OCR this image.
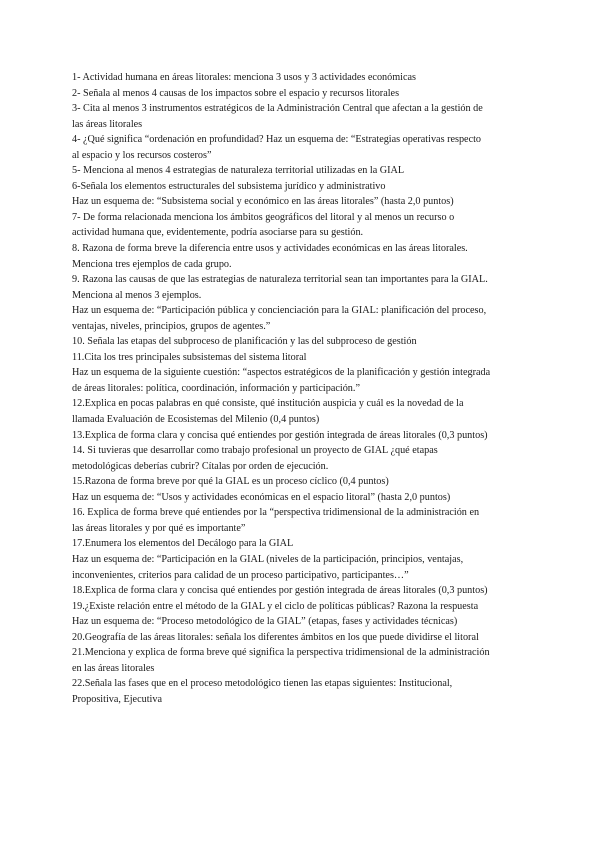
1- Actividad humana en áreas litorales: menciona 3 usos y 3 actividades económicas
2- Señala al menos 4 causas de los impactos sobre el espacio y recursos litorales
3- Cita al menos 3 instrumentos estratégicos de la Administración Central que afectan a la gestión de
las áreas litorales
4- ¿Qué significa “ordenación en profundidad? Haz un esquema de: “Estrategias operativas respecto
al espacio y los recursos costeros”
5- Menciona al menos 4 estrategias de naturaleza territorial utilizadas en la GIAL
6-Señala los elementos estructurales del subsistema jurídico y administrativo
Haz un esquema de: “Subsistema social y económico en las áreas litorales” (hasta 2,0 puntos)
7- De forma relacionada menciona los ámbitos geográficos del litoral y al menos un recurso o
actividad humana que, evidentemente, podría asociarse para su gestión.
8. Razona de forma breve la diferencia entre usos y actividades económicas en las áreas litorales.
Menciona tres ejemplos de cada grupo.
9. Razona las causas de que las estrategias de naturaleza territorial sean tan importantes para la GIAL.
Menciona al menos 3 ejemplos.
Haz un esquema de: “Participación pública y concienciación para la GIAL: planificación del proceso,
ventajas, niveles, principios, grupos de agentes.”
10. Señala las etapas del subproceso de planificación y las del subproceso de gestión
11.Cita los tres principales subsistemas del sistema litoral
Haz un esquema de la siguiente cuestión: “aspectos estratégicos de la planificación y gestión integrada
de áreas litorales: política, coordinación, información y participación.”
12.Explica en pocas palabras en qué consiste, qué institución auspicia y cuál es la novedad de la
llamada Evaluación de Ecosistemas del Milenio (0,4 puntos)
13.Explica de forma clara y concisa qué entiendes por gestión integrada de áreas litorales (0,3 puntos)
14. Si tuvieras que desarrollar como trabajo profesional un proyecto de GIAL ¿qué etapas
metodológicas deberías cubrir? Cítalas por orden de ejecución.
15.Razona de forma breve por qué la GIAL es un proceso cíclico (0,4 puntos)
Haz un esquema de: “Usos y actividades económicas en el espacio litoral” (hasta 2,0 puntos)
16. Explica de forma breve qué entiendes por la “perspectiva tridimensional de la administración en
las áreas litorales y por qué es importante”
17.Enumera los elementos del Decálogo para la GIAL
Haz un esquema de: “Participación en la GIAL (niveles de la participación, principios, ventajas,
inconvenientes, criterios para calidad de un proceso participativo, participantes…”
18.Explica de forma clara y concisa qué entiendes por gestión integrada de áreas litorales (0,3 puntos)
19.¿Existe relación entre el método de la GIAL y el ciclo de políticas públicas? Razona la respuesta
Haz un esquema de: “Proceso metodológico de la GIAL” (etapas, fases y actividades técnicas)
20.Geografía de las áreas litorales: señala los diferentes ámbitos en los que puede dividirse el litoral
21.Menciona y explica de forma breve qué significa la perspectiva tridimensional de la administración
en las áreas litorales
22.Señala las fases que en el proceso metodológico tienen las etapas siguientes: Institucional,
Propositiva, Ejecutiva
